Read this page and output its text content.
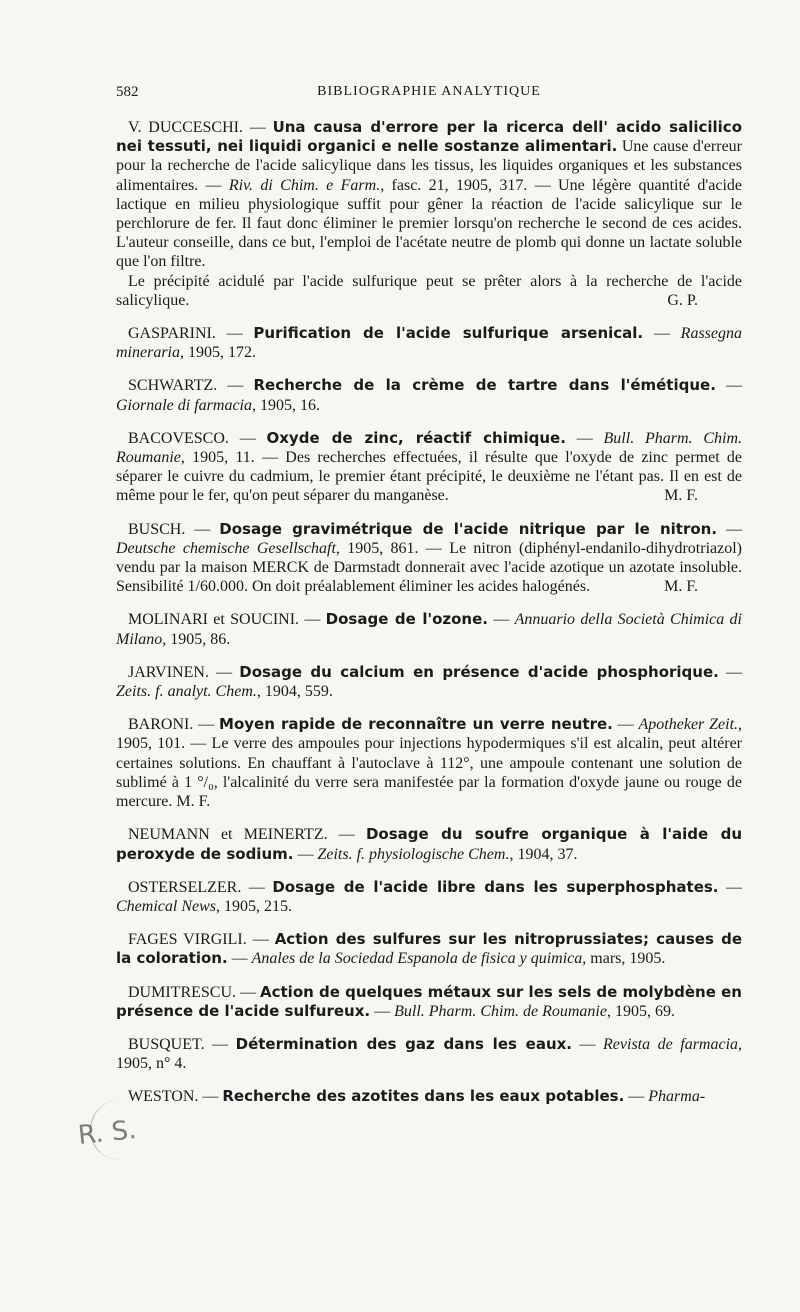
582	BIBLIOGRAPHIE ANALYTIQUE

V. DUCCESCHI. — Una causa d'errore per la ricerca dell' acido salicilico nei tessuti, nei liquidi organici e nelle sostanze alimentari. Une cause d'erreur pour la recherche de l'acide salicylique dans les tissus, les liquides organiques et les substances alimentaires. — Riv. di Chim. e Farm., fasc. 21, 1905, 317. — Une légère quantité d'acide lactique en milieu physiologique suffit pour gêner la réaction de l'acide salicylique sur le perchlorure de fer. Il faut donc éliminer le premier lorsqu'on recherche le second de ces acides. L'auteur conseille, dans ce but, l'emploi de l'acétate neutre de plomb qui donne un lactate soluble que l'on filtre.

Le précipité acidulé par l'acide sulfurique peut se prêter alors à la recherche de l'acide salicylique.	G. P.

GASPARINI. — Purification de l'acide sulfurique arsenical. — Rassegna mineraria, 1905, 172.

SCHWARTZ. — Recherche de la crème de tartre dans l'émétique. — Giornale di farmacia, 1905, 16.

BACOVESCO. — Oxyde de zinc, réactif chimique. — Bull. Pharm. Chim. Roumanie, 1905, 11. — Des recherches effectuées, il résulte que l'oxyde de zinc permet de séparer le cuivre du cadmium, le premier étant précipité, le deuxième ne l'étant pas. Il en est de même pour le fer, qu'on peut séparer du manganèse.	M. F.

BUSCH. — Dosage gravimétrique de l'acide nitrique par le nitron. — Deutsche chemische Gesellschaft, 1905, 861. — Le nitron (diphényl-endanilo-dihydrotriazol) vendu par la maison MERCK de Darmstadt donnerait avec l'acide azotique un azotate insoluble. Sensibilité 1/60.000. On doit préalablement éliminer les acides halogénés.	M. F.

MOLINARI et SOUCINI. — Dosage de l'ozone. — Annuario della Società Chimica di Milano, 1905, 86.

JARVINEN. — Dosage du calcium en présence d'acide phosphorique. — Zeits. f. analyt. Chem., 1904, 559.

BARONI. — Moyen rapide de reconnaître un verre neutre. — Apotheker Zeit., 1905, 101. — Le verre des ampoules pour injections hypodermiques s'il est alcalin, peut altérer certaines solutions. En chauffant à l'autoclave à 112°, une ampoule contenant une solution de sublimé à 1 °/₀, l'alcalinité du verre sera manifestée par la formation d'oxyde jaune ou rouge de mercure. M. F.

NEUMANN et MEINERTZ. — Dosage du soufre organique à l'aide du peroxyde de sodium. — Zeits. f. physiologische Chem., 1904, 37.

OSTERSELZER. — Dosage de l'acide libre dans les superphosphates. — Chemical News, 1905, 215.

FAGES VIRGILI. — Action des sulfures sur les nitroprussiates; causes de la coloration. — Anales de la Sociedad Espanola de fisica y quimica, mars, 1905.

DUMITRESCU. — Action de quelques métaux sur les sels de molybdène en présence de l'acide sulfureux. — Bull. Pharm. Chim. de Roumanie, 1905, 69.

BUSQUET. — Détermination des gaz dans les eaux. — Revista de farmacia, 1905, n° 4.

WESTON. — Recherche des azotites dans les eaux potables. — Pharma-

R. S.
